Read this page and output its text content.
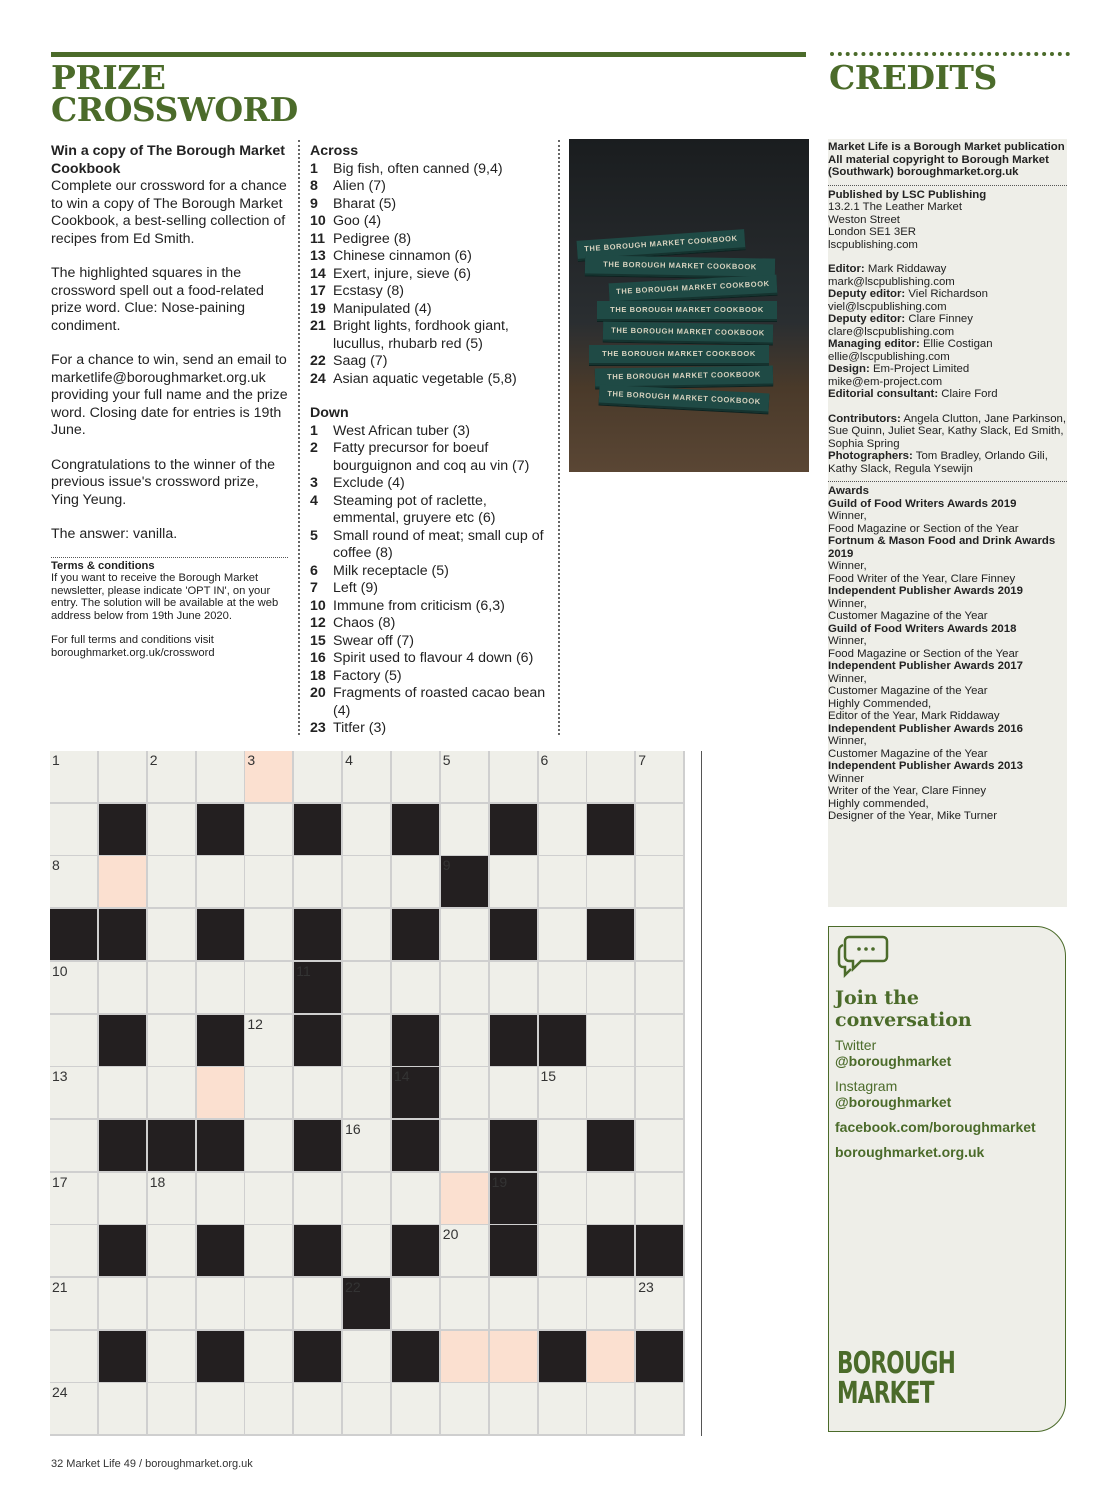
PRIZE
CROSSWORD
CREDITS

Win a copy of The Borough Market Cookbook

Complete our crossword for a chance to win a copy of The Borough Market Cookbook, a best-selling collection of recipes from Ed Smith.

The highlighted squares in the crossword spell out a food-related prize word. Clue: Nose-paining condiment.

For a chance to win, send an email to marketlife@boroughmarket.org.uk providing your full name and the prize word. Closing date for entries is 19th June.

Congratulations to the winner of the previous issue's crossword prize, Ying Yeung.

The answer: vanilla.

Terms & conditions

If you want to receive the Borough Market newsletter, please indicate 'OPT IN', on your entry. The solution will be available at the web address below from 19th June 2020.

For full terms and conditions visit boroughmarket.org.uk/crossword

Across
1	Big fish, often canned (9,4)
8	Alien (7)
9	Bharat (5)
10 Goo (4)
11 Pedigree (8)
13 Chinese cinnamon (6)
14 Exert, injure, sieve (6)
17 Ecstasy (8)
19 Manipulated (4)
21 Bright lights, fordhook giant, lucullus, rhubarb red (5)
22 Saag (7)
24 Asian aquatic vegetable (5,8)
Down
1	West African tuber (3)
2	Fatty precursor for boeuf bourguignon and coq au vin (7)
3	Exclude (4)
4	Steaming pot of raclette, emmental, gruyere etc (6)
5	Small round of meat; small cup of coffee (8)
6	Milk receptacle (5)
7	Left (9)
10 Immune from criticism (6,3)
12 Chaos (8)
15 Swear off (7)
16 Spirit used to flavour 4 down (6)
18 Factory (5)
20 Fragments of roasted cacao bean (4)
23 Titfer (3)
THE BOROUGH MARKET COOKBOOK
THE BOROUGH MARKET COOKBOOK
THE BOROUGH MARKET COOKBOOK
THE BOROUGH MARKET COOKBOOK
THE BOROUGH MARKET COOKBOOK
THE BOROUGH MARKET COOKBOOK
THE BOROUGH MARKET COOKBOOK
THE BOROUGH MARKET COOKBOOK
1	2	3	4	5	6	7
8	9
10	11
12
13	14	15
16
17	18	19
20
21	22	23
24
Market Life is a Borough Market publication All material copyright to Borough Market (Southwark) boroughmarket.org.uk
Published by LSC Publishing
13.2.1 The Leather Market
Weston Street
London SE1 3ER
lscpublishing.com
Editor: Mark Riddaway
mark@lscpublishing.com
Deputy editor: Viel Richardson
viel@lscpublishing.com
Deputy editor: Clare Finney
clare@lscpublishing.com
Managing editor: Ellie Costigan
ellie@lscpublishing.com
Design: Em-Project Limited
mike@em-project.com
Editorial consultant: Claire Ford
Contributors: Angela Clutton, Jane Parkinson, Sue Quinn, Juliet Sear, Kathy Slack, Ed Smith, Sophia Spring
Photographers: Tom Bradley, Orlando Gili, Kathy Slack, Regula Ysewijn
Awards
Guild of Food Writers Awards 2019
Winner,
Food Magazine or Section of the Year
Fortnum & Mason Food and Drink Awards 2019
Winner,
Food Writer of the Year, Clare Finney
Independent Publisher Awards 2019
Winner,
Customer Magazine of the Year
Guild of Food Writers Awards 2018
Winner,
Food Magazine or Section of the Year
Independent Publisher Awards 2017
Winner,
Customer Magazine of the Year
Highly Commended,
Editor of the Year, Mark Riddaway
Independent Publisher Awards 2016
Winner,
Customer Magazine of the Year
Independent Publisher Awards 2013
Winner
Writer of the Year, Clare Finney
Highly commended,
Designer of the Year, Mike Turner
Join the
conversation
Twitter
@boroughmarket
Instagram
@boroughmarket
facebook.com/boroughmarket
boroughmarket.org.uk
BOROUGH
MARKET
32 Market Life 49 / boroughmarket.org.uk
